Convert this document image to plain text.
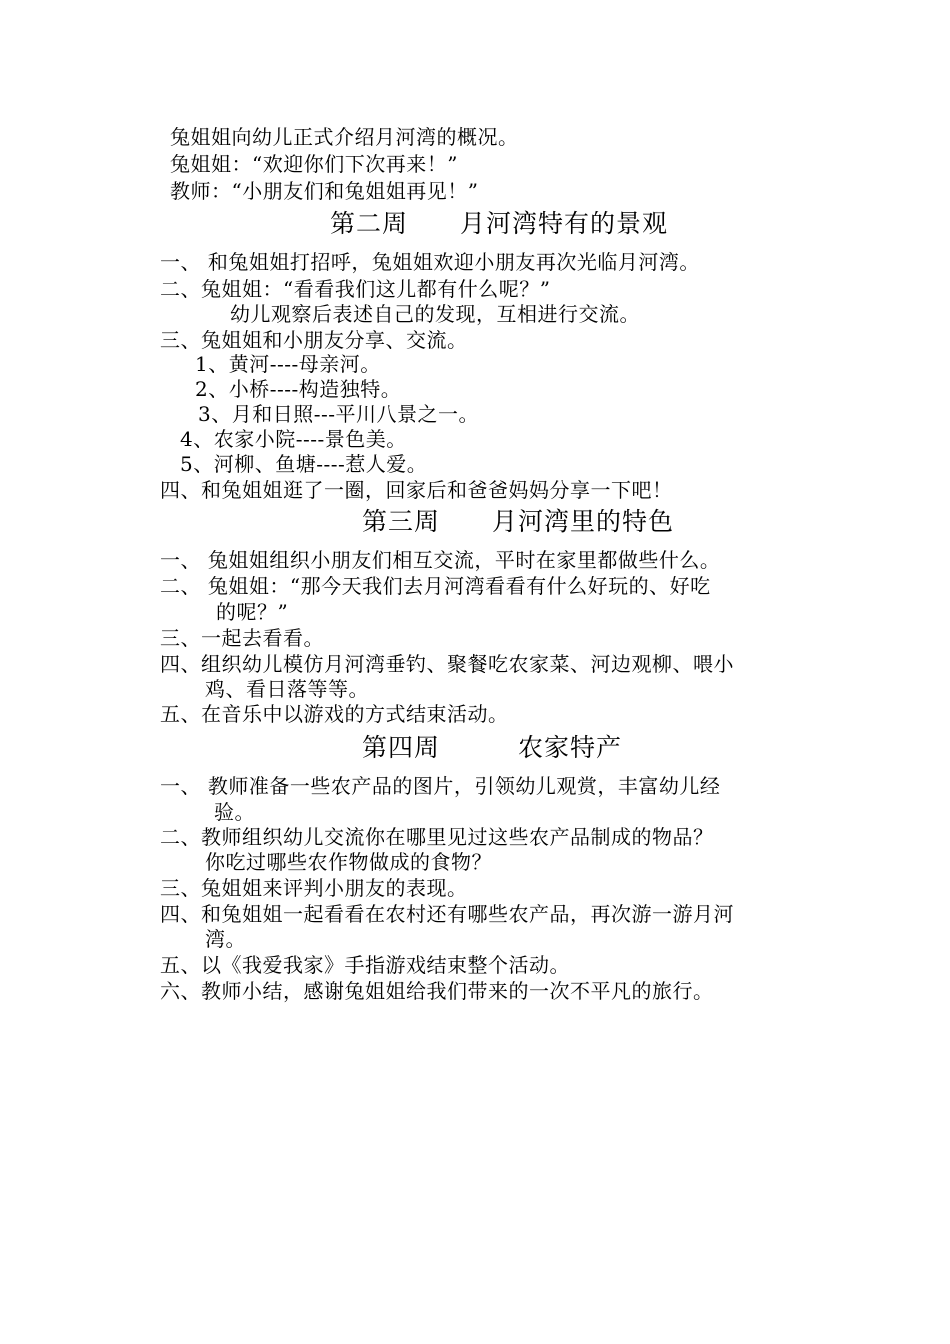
兔姐姐向幼儿正式介绍月河湾的概况。
兔姐姐：“欢迎你们下次再来！”
教师：“小朋友们和兔姐姐再见！”
第二周　　月河湾特有的景观
一、 和兔姐姐打招呼，兔姐姐欢迎小朋友再次光临月河湾。
二、兔姐姐：“看看我们这儿都有什么呢？”
幼儿观察后表述自己的发现，互相进行交流。
三、兔姐姐和小朋友分享、交流。
1、黄河----母亲河。
2、小桥----构造独特。
3、月和日照---平川八景之一。
4、农家小院----景色美。
5、河柳、鱼塘----惹人爱。
四、和兔姐姐逛了一圈，回家后和爸爸妈妈分享一下吧！
第三周　　月河湾里的特色
一、 兔姐姐组织小朋友们相互交流，平时在家里都做些什么。
二、 兔姐姐：“那今天我们去月河湾看看有什么好玩的、好吃
的呢？”
三、一起去看看。
四、组织幼儿模仿月河湾垂钓、聚餐吃农家菜、河边观柳、喂小
鸡、看日落等等。
五、在音乐中以游戏的方式结束活动。
第四周　　　农家特产
一、 教师准备一些农产品的图片，引领幼儿观赏，丰富幼儿经
验。
二、教师组织幼儿交流你在哪里见过这些农产品制成的物品？
你吃过哪些农作物做成的食物？
三、兔姐姐来评判小朋友的表现。
四、和兔姐姐一起看看在农村还有哪些农产品，再次游一游月河
湾。
五、以《我爱我家》手指游戏结束整个活动。
六、教师小结，感谢兔姐姐给我们带来的一次不平凡的旅行。
